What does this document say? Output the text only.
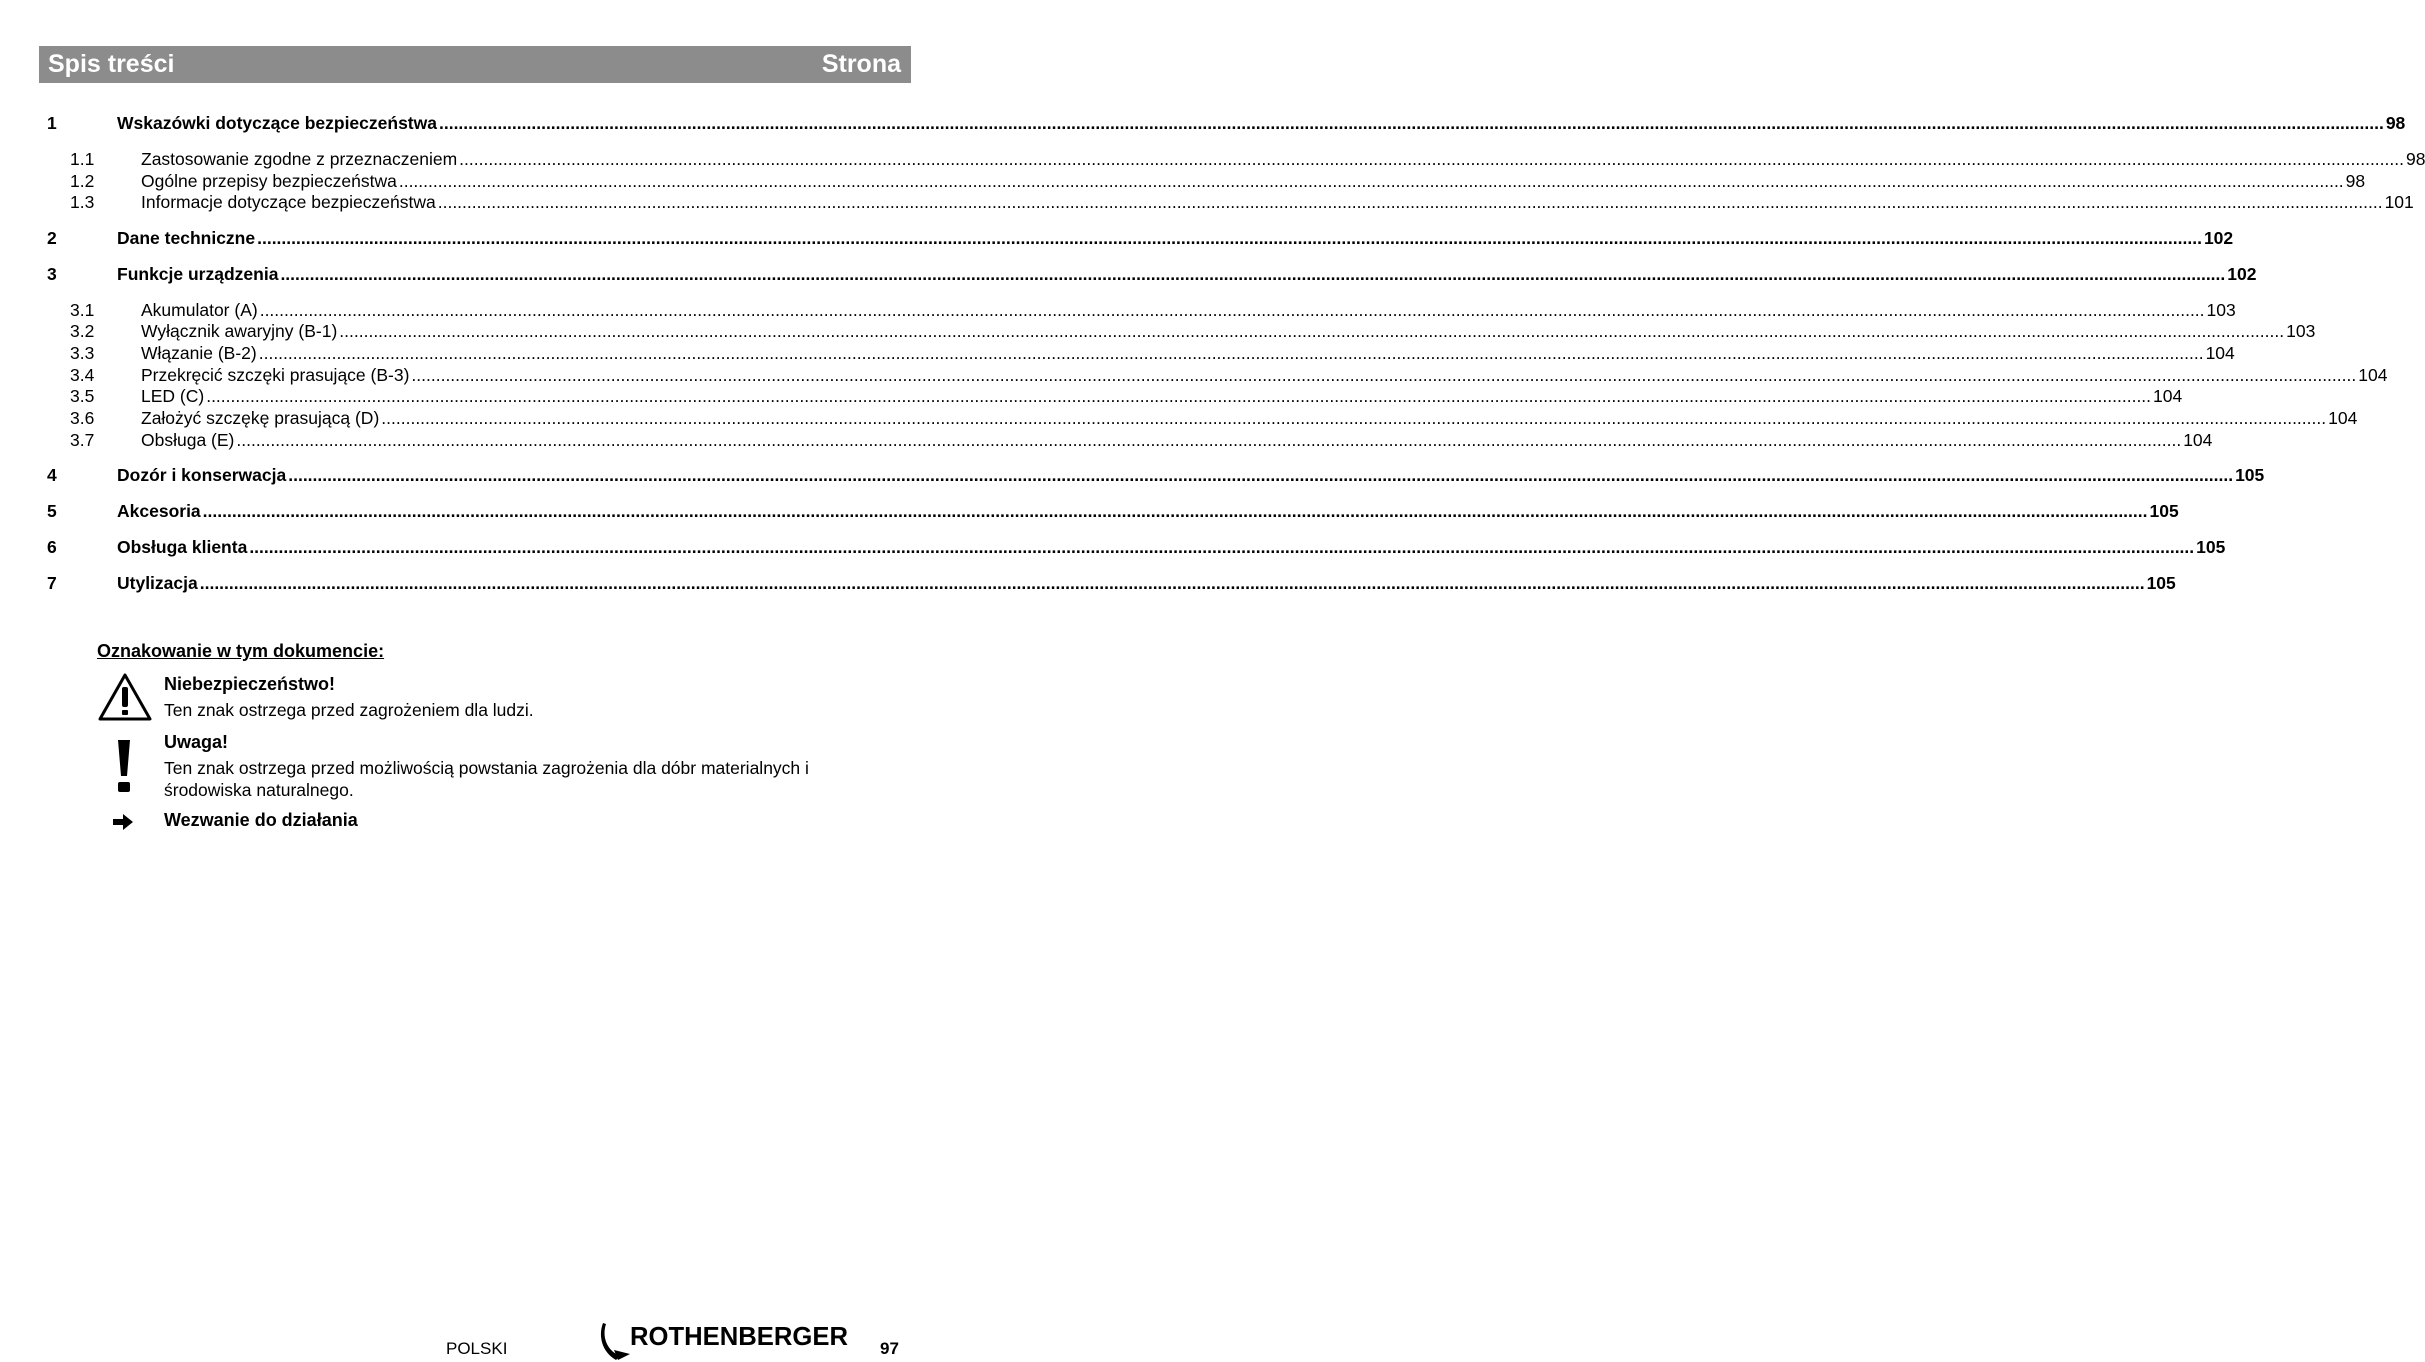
Spis treści	Strona
1	Wskazówki dotyczące bezpieczeństwa ................................................................................................................................................................................................................................................................................................................................................................................................................ 98
1.1	Zastosowanie zgodne z przeznaczeniem ................................................................................................................................................................................................................................................................................................................................................................................................................ 98
1.2	Ogólne przepisy bezpieczeństwa ................................................................................................................................................................................................................................................................................................................................................................................................................ 98
1.3	Informacje dotyczące bezpieczeństwa ................................................................................................................................................................................................................................................................................................................................................................................................................ 101
2	Dane techniczne ................................................................................................................................................................................................................................................................................................................................................................................................................ 102
3	Funkcje urządzenia ................................................................................................................................................................................................................................................................................................................................................................................................................ 102
3.1	Akumulator (A) ................................................................................................................................................................................................................................................................................................................................................................................................................ 103
3.2	Wyłącznik awaryjny (B-1) ................................................................................................................................................................................................................................................................................................................................................................................................................ 103
3.3	Włązanie (B-2) ................................................................................................................................................................................................................................................................................................................................................................................................................ 104
3.4	Przekręcić szczęki prasujące (B-3) ................................................................................................................................................................................................................................................................................................................................................................................................................ 104
3.5	LED (C) ................................................................................................................................................................................................................................................................................................................................................................................................................ 104
3.6	Założyć szczękę prasującą (D) ................................................................................................................................................................................................................................................................................................................................................................................................................ 104
3.7	Obsługa (E) ................................................................................................................................................................................................................................................................................................................................................................................................................ 104
4	Dozór i konserwacja ................................................................................................................................................................................................................................................................................................................................................................................................................ 105
5	Akcesoria ................................................................................................................................................................................................................................................................................................................................................................................................................ 105
6	Obsługa klienta ................................................................................................................................................................................................................................................................................................................................................................................................................ 105
7	Utylizacja ................................................................................................................................................................................................................................................................................................................................................................................................................ 105
Oznakowanie w tym dokumencie:
Niebezpieczeństwo!
Ten znak ostrzega przed zagrożeniem dla ludzi.
Uwaga!
Ten znak ostrzega przed możliwością powstania zagrożenia dla dóbr materialnych i środowiska naturalnego.
Wezwanie do działania
POLSKI	ROTHENBERGER 97
